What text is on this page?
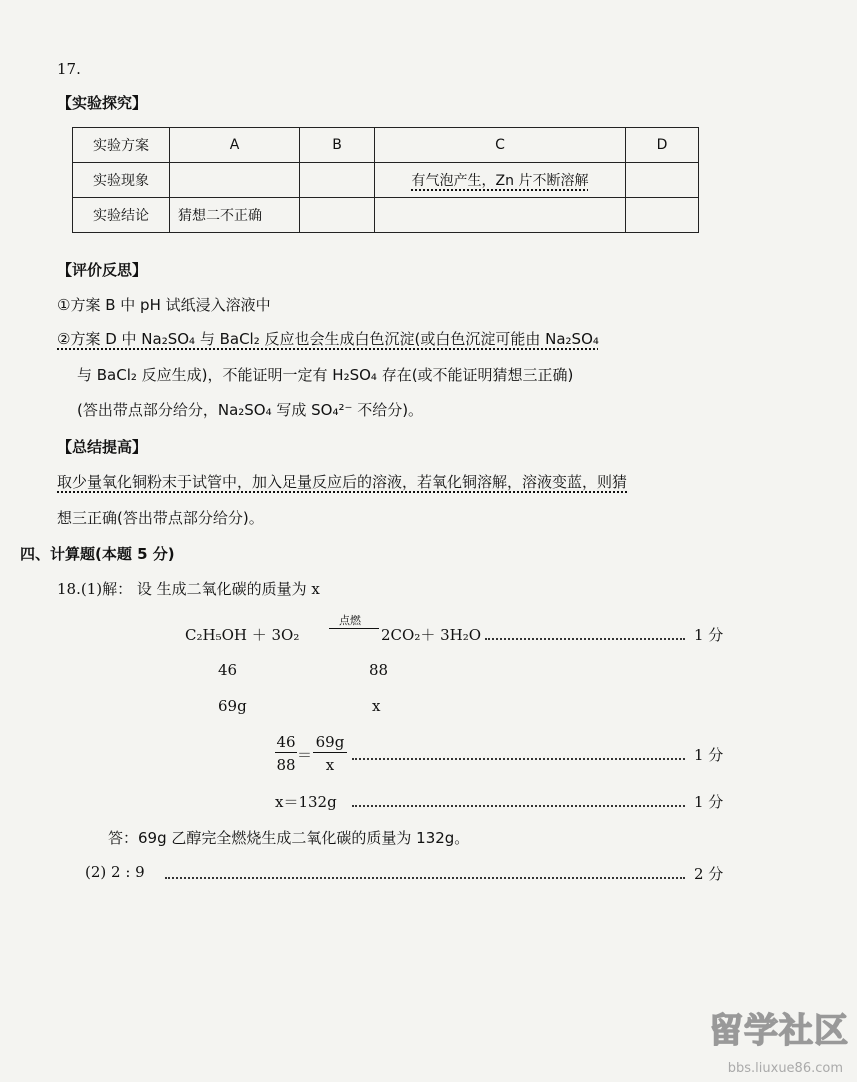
17.
【实验探究】
实验方案	A	B	C	D
实验现象			有气泡产生，Zn 片不断溶解	
实验结论	猜想二不正确			
【评价反思】
①方案 B 中 pH 试纸浸入溶液中
②方案 D 中 Na₂SO₄ 与 BaCl₂ 反应也会生成白色沉淀(或白色沉淀可能由 Na₂SO₄
与 BaCl₂ 反应生成)，不能证明一定有 H₂SO₄ 存在(或不能证明猜想三正确)
(答出带点部分给分，Na₂SO₄ 写成 SO₄²⁻ 不给分)。
【总结提高】
取少量氧化铜粉末于试管中，加入足量反应后的溶液，若氧化铜溶解，溶液变蓝，则猜
想三正确(答出带点部分给分)。
四、计算题(本题 5 分)
18.(1)解： 设 生成二氧化碳的质量为 x
C₂H₅OH ＋ 3O₂
点燃
2CO₂＋ 3H₂O	1 分
46	88
69g	x
46
88
＝
69g
x
1 分
x＝132g	1 分
答：69g 乙醇完全燃烧生成二氧化碳的质量为 132g。
(2) 2 : 9	2 分
留学社区
bbs.liuxue86.com
